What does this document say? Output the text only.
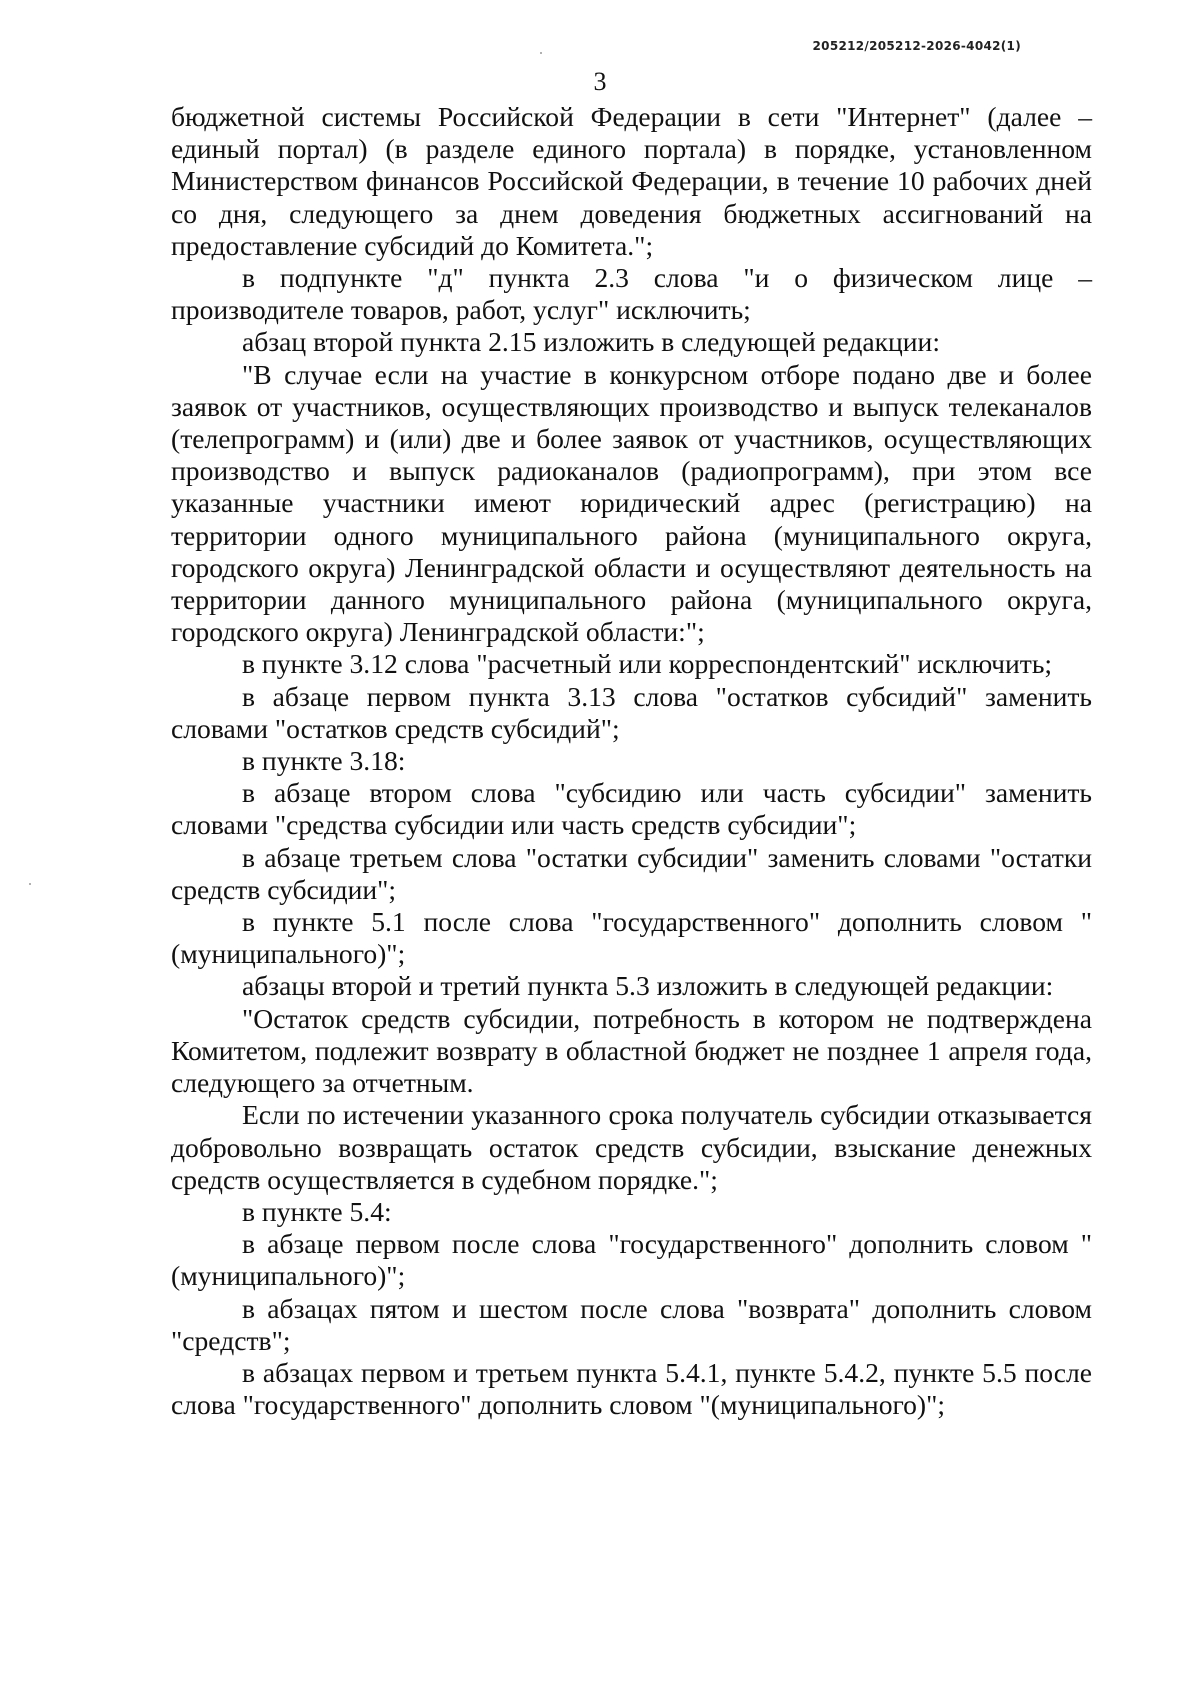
205212/205212-2026-4042(1)
3

бюджетной системы Российской Федерации в сети "Интернет" (далее – единый портал) (в разделе единого портала) в порядке, установленном Министерством финансов Российской Федерации, в течение 10 рабочих дней со дня, следующего за днем доведения бюджетных ассигнований на предоставление субсидий до Комитета.";

в подпункте "д" пункта 2.3 слова "и о физическом лице – производителе товаров, работ, услуг" исключить;

абзац второй пункта 2.15 изложить в следующей редакции:

"В случае если на участие в конкурсном отборе подано две и более заявок от участников, осуществляющих производство и выпуск телеканалов (телепрограмм) и (или) две и более заявок от участников, осуществляющих производство и выпуск радиоканалов (радиопрограмм), при этом все указанные участники имеют юридический адрес (регистрацию) на территории одного муниципального района (муниципального округа, городского округа) Ленинградской области и осуществляют деятельность на территории данного муниципального района (муниципального округа, городского округа) Ленинградской области:";

в пункте 3.12 слова "расчетный или корреспондентский" исключить;

в абзаце первом пункта 3.13 слова "остатков субсидий" заменить словами "остатков средств субсидий";

в пункте 3.18:

в абзаце втором слова "субсидию или часть субсидии" заменить словами "средства субсидии или часть средств субсидии";

в абзаце третьем слова "остатки субсидии" заменить словами "остатки средств субсидии";

в пункте 5.1 после слова "государственного" дополнить словом "(муниципального)";

абзацы второй и третий пункта 5.3 изложить в следующей редакции:

"Остаток средств субсидии, потребность в котором не подтверждена Комитетом, подлежит возврату в областной бюджет не позднее 1 апреля года, следующего за отчетным.

Если по истечении указанного срока получатель субсидии отказывается добровольно возвращать остаток средств субсидии, взыскание денежных средств осуществляется в судебном порядке.";

в пункте 5.4:

в абзаце первом после слова "государственного" дополнить словом "(муниципального)";

в абзацах пятом и шестом после слова "возврата" дополнить словом "средств";

в абзацах первом и третьем пункта 5.4.1, пункте 5.4.2, пункте 5.5 после слова "государственного" дополнить словом "(муниципального)";
